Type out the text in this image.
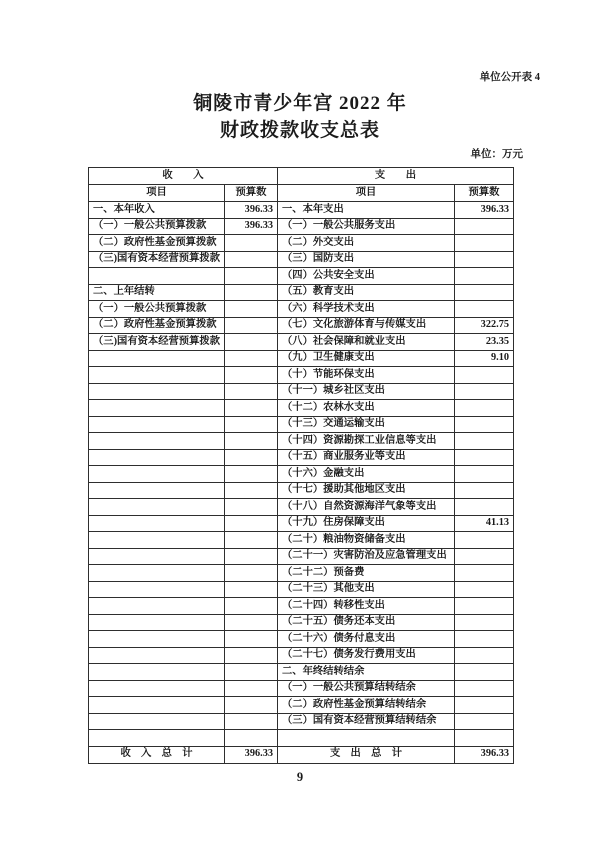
单位公开表 4
铜陵市青少年宫 2022 年
财政拨款收支总表
单位：万元
收　　入		支　　出	
项目	预算数	项目	预算数
一、本年收入	396.33	一、本年支出	396.33
（一）一般公共预算拨款	396.33	（一）一般公共服务支出	
（二）政府性基金预算拨款		（二）外交支出	
（三)国有资本经营预算拨款		（三）国防支出	
		（四）公共安全支出	
二、上年结转		（五）教育支出	
（一）一般公共预算拨款		（六）科学技术支出	
（二）政府性基金预算拨款		（七）文化旅游体育与传媒支出	322.75
（三)国有资本经营预算拨款		（八）社会保障和就业支出	23.35
		（九）卫生健康支出	9.10
		（十）节能环保支出	
		（十一）城乡社区支出	
		（十二）农林水支出	
		（十三）交通运输支出	
		（十四）资源勘探工业信息等支出	
		（十五）商业服务业等支出	
		（十六）金融支出	
		（十七）援助其他地区支出	
		（十八）自然资源海洋气象等支出	
		（十九）住房保障支出	41.13
		（二十）粮油物资储备支出	
		（二十一）灾害防治及应急管理支出	
		（二十二）预备费	
		（二十三）其他支出	
		（二十四）转移性支出	
		（二十五）债务还本支出	
		（二十六）债务付息支出	
		（二十七）债务发行费用支出	
		二、年终结转结余	
		（一）一般公共预算结转结余	
		（二）政府性基金预算结转结余	
		（三）国有资本经营预算结转结余	

收　入　总　计	396.33	支　出　总　计	396.33
9
